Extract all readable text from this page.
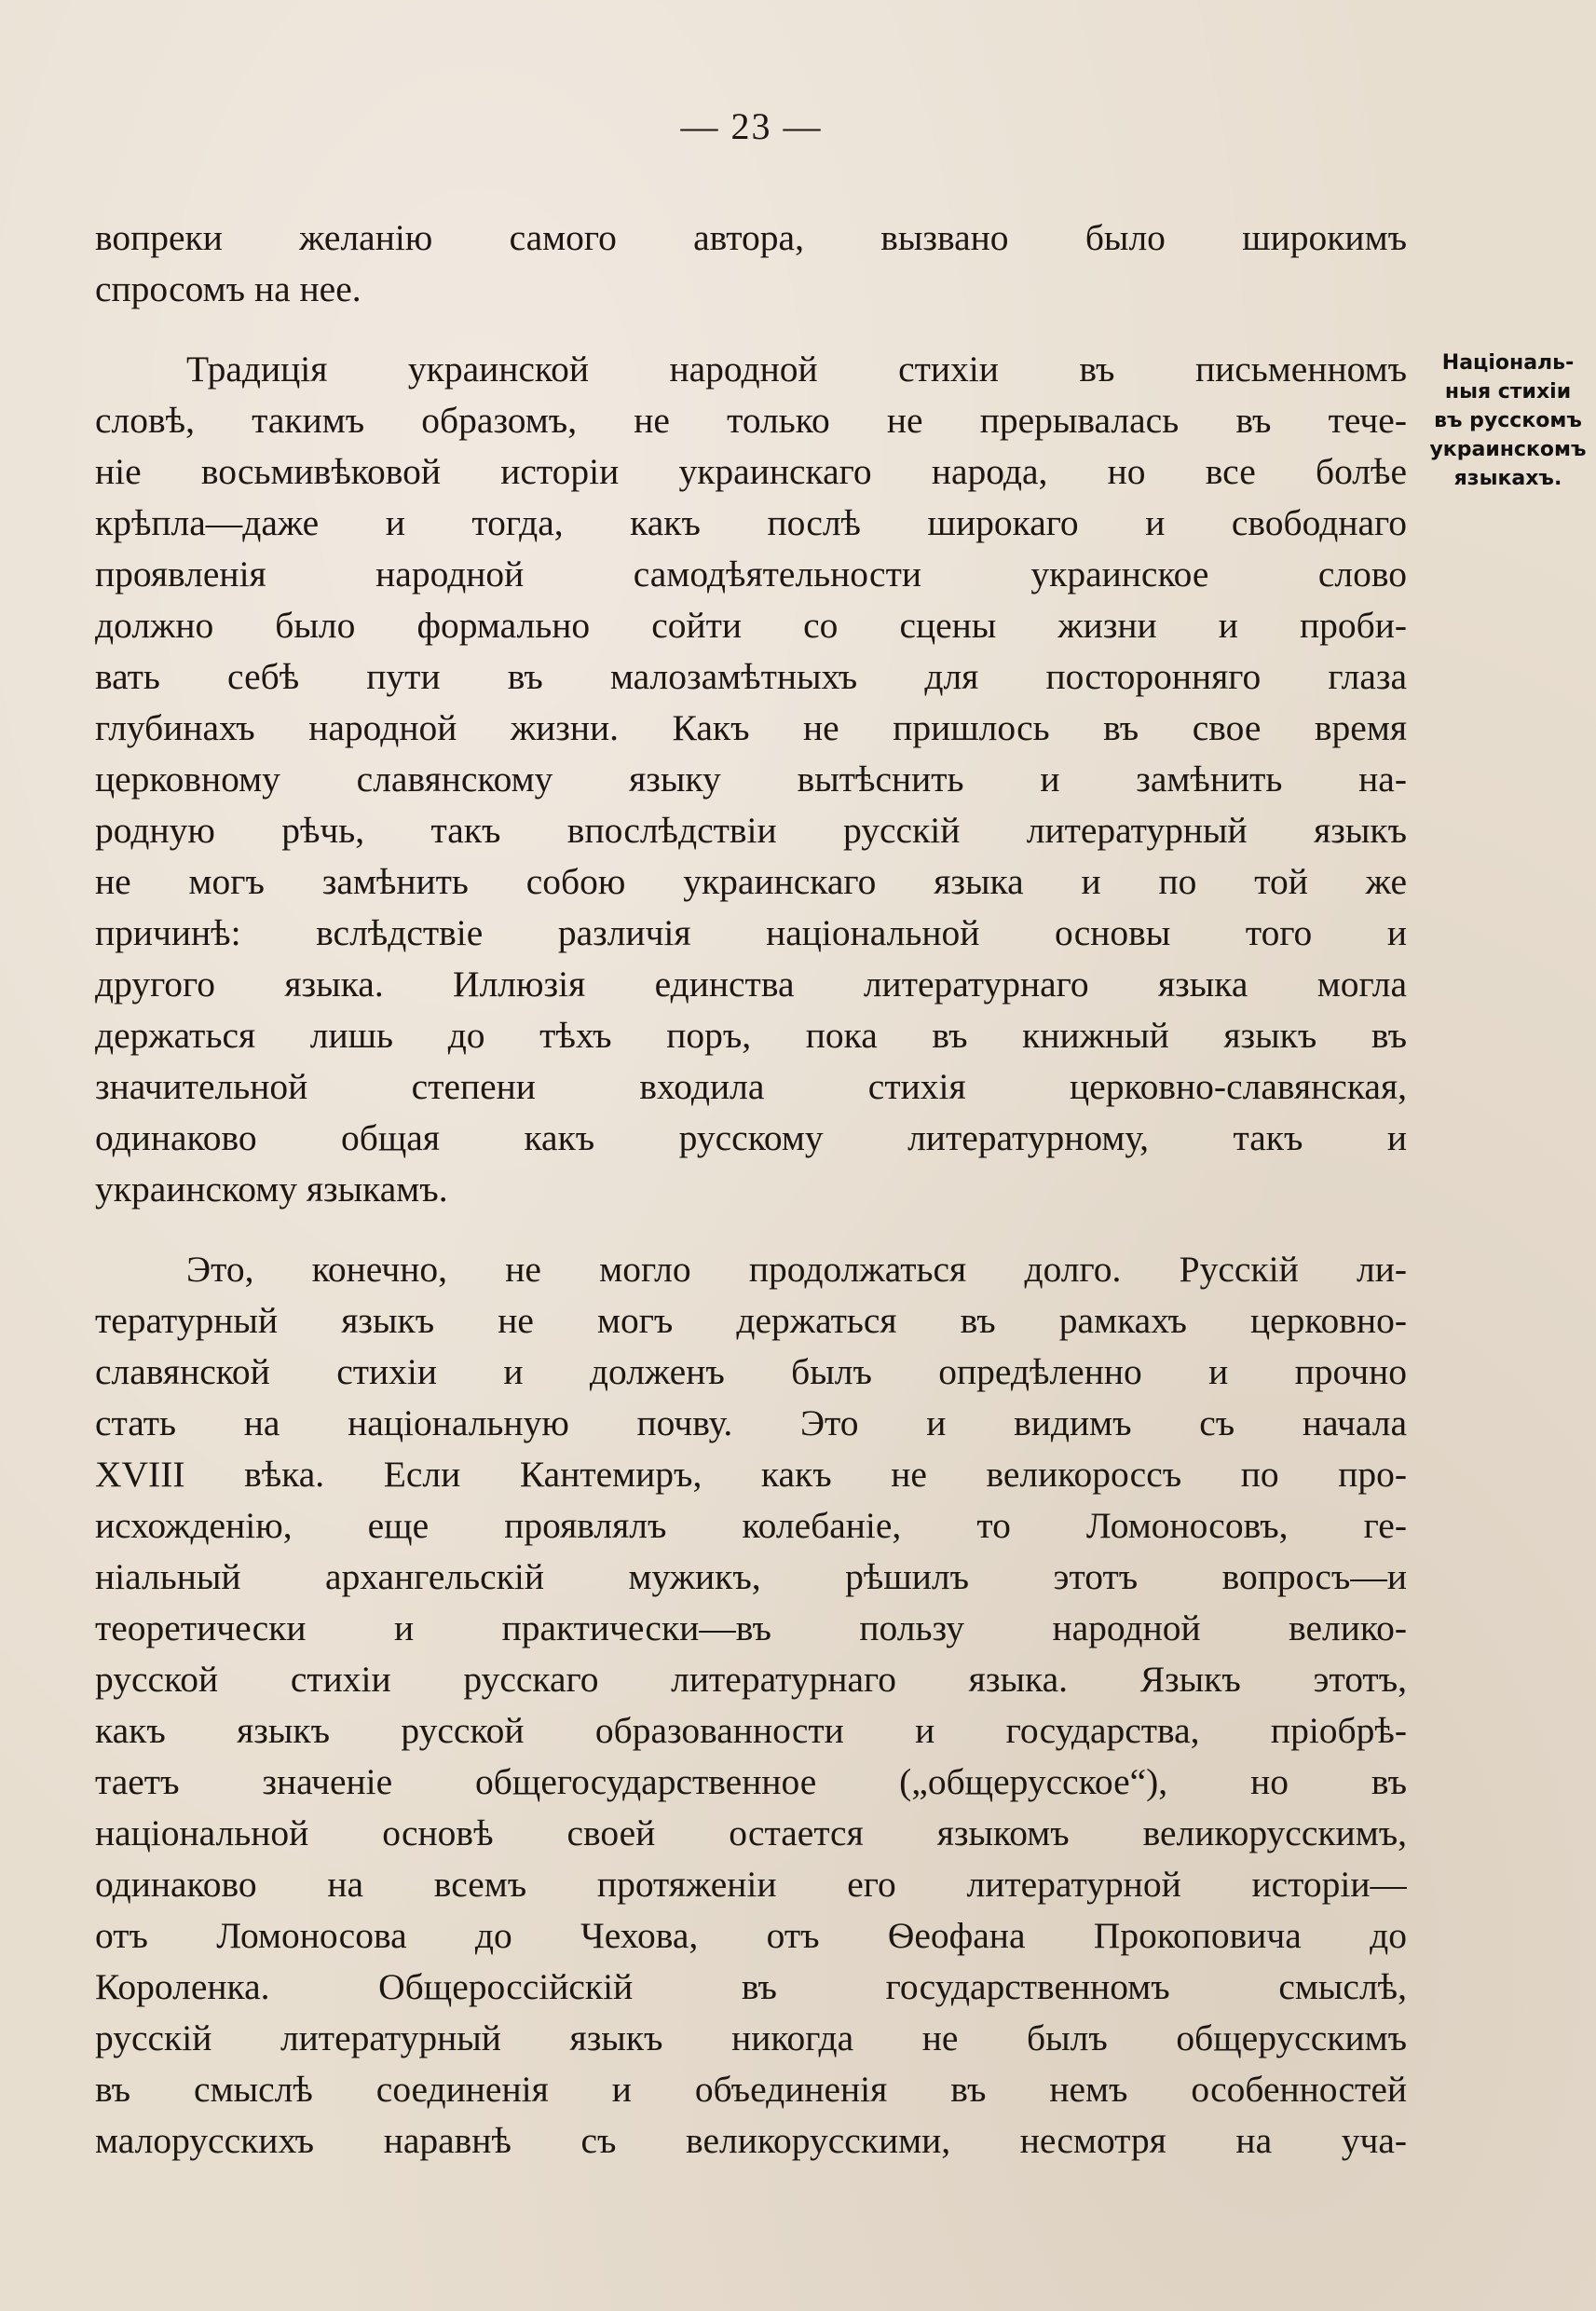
— 23 —
Національ-
ныя стихіи
въ русскомъ
украинскомъ
языкахъ.
вопреки желанію самого автора, вызвано было широкимъ
спросомъ на нее.
Традиція украинской народной стихіи въ письменномъ
словѣ, такимъ образомъ, не только не прерывалась въ тече-
ніе восьмивѣковой исторіи украинскаго народа, но все болѣе
крѣпла—даже и тогда, какъ послѣ широкаго и свободнаго
проявленія народной самодѣятельности украинское слово
должно было формально сойти со сцены жизни и проби-
вать себѣ пути въ малозамѣтныхъ для посторонняго глаза
глубинахъ народной жизни. Какъ не пришлось въ свое время
церковному славянскому языку вытѣснить и замѣнить на-
родную рѣчь, такъ впослѣдствіи русскій литературный языкъ
не могъ замѣнить собою украинскаго языка и по той же
причинѣ: вслѣдствіе различія національной основы того и
другого языка. Иллюзія единства литературнаго языка могла
держаться лишь до тѣхъ поръ, пока въ книжный языкъ въ
значительной степени входила стихія церковно-славянская,
одинаково общая какъ русскому литературному, такъ и
украинскому языкамъ.
Это, конечно, не могло продолжаться долго. Русскій ли-
тературный языкъ не могъ держаться въ рамкахъ церковно-
славянской стихіи и долженъ былъ опредѣленно и прочно
стать на національную почву. Это и видимъ съ начала
XVIII вѣка. Если Кантемиръ, какъ не великороссъ по про-
исхожденію, еще проявлялъ колебаніе, то Ломоносовъ, ге-
ніальный архангельскій мужикъ, рѣшилъ этотъ вопросъ—и
теоретически и практически—въ пользу народной велико-
русской стихіи русскаго литературнаго языка. Языкъ этотъ,
какъ языкъ русской образованности и государства, пріобрѣ-
таетъ значеніе общегосударственное („общерусское“), но въ
національной основѣ своей остается языкомъ великорусскимъ,
одинаково на всемъ протяженіи его литературной исторіи—
отъ Ломоносова до Чехова, отъ Ѳеофана Прокоповича до
Короленка. Общероссійскій въ государственномъ смыслѣ,
русскій литературный языкъ никогда не былъ общерусскимъ
въ смыслѣ соединенія и объединенія въ немъ особенностей
малорусскихъ наравнѣ съ великорусскими, несмотря на уча-
